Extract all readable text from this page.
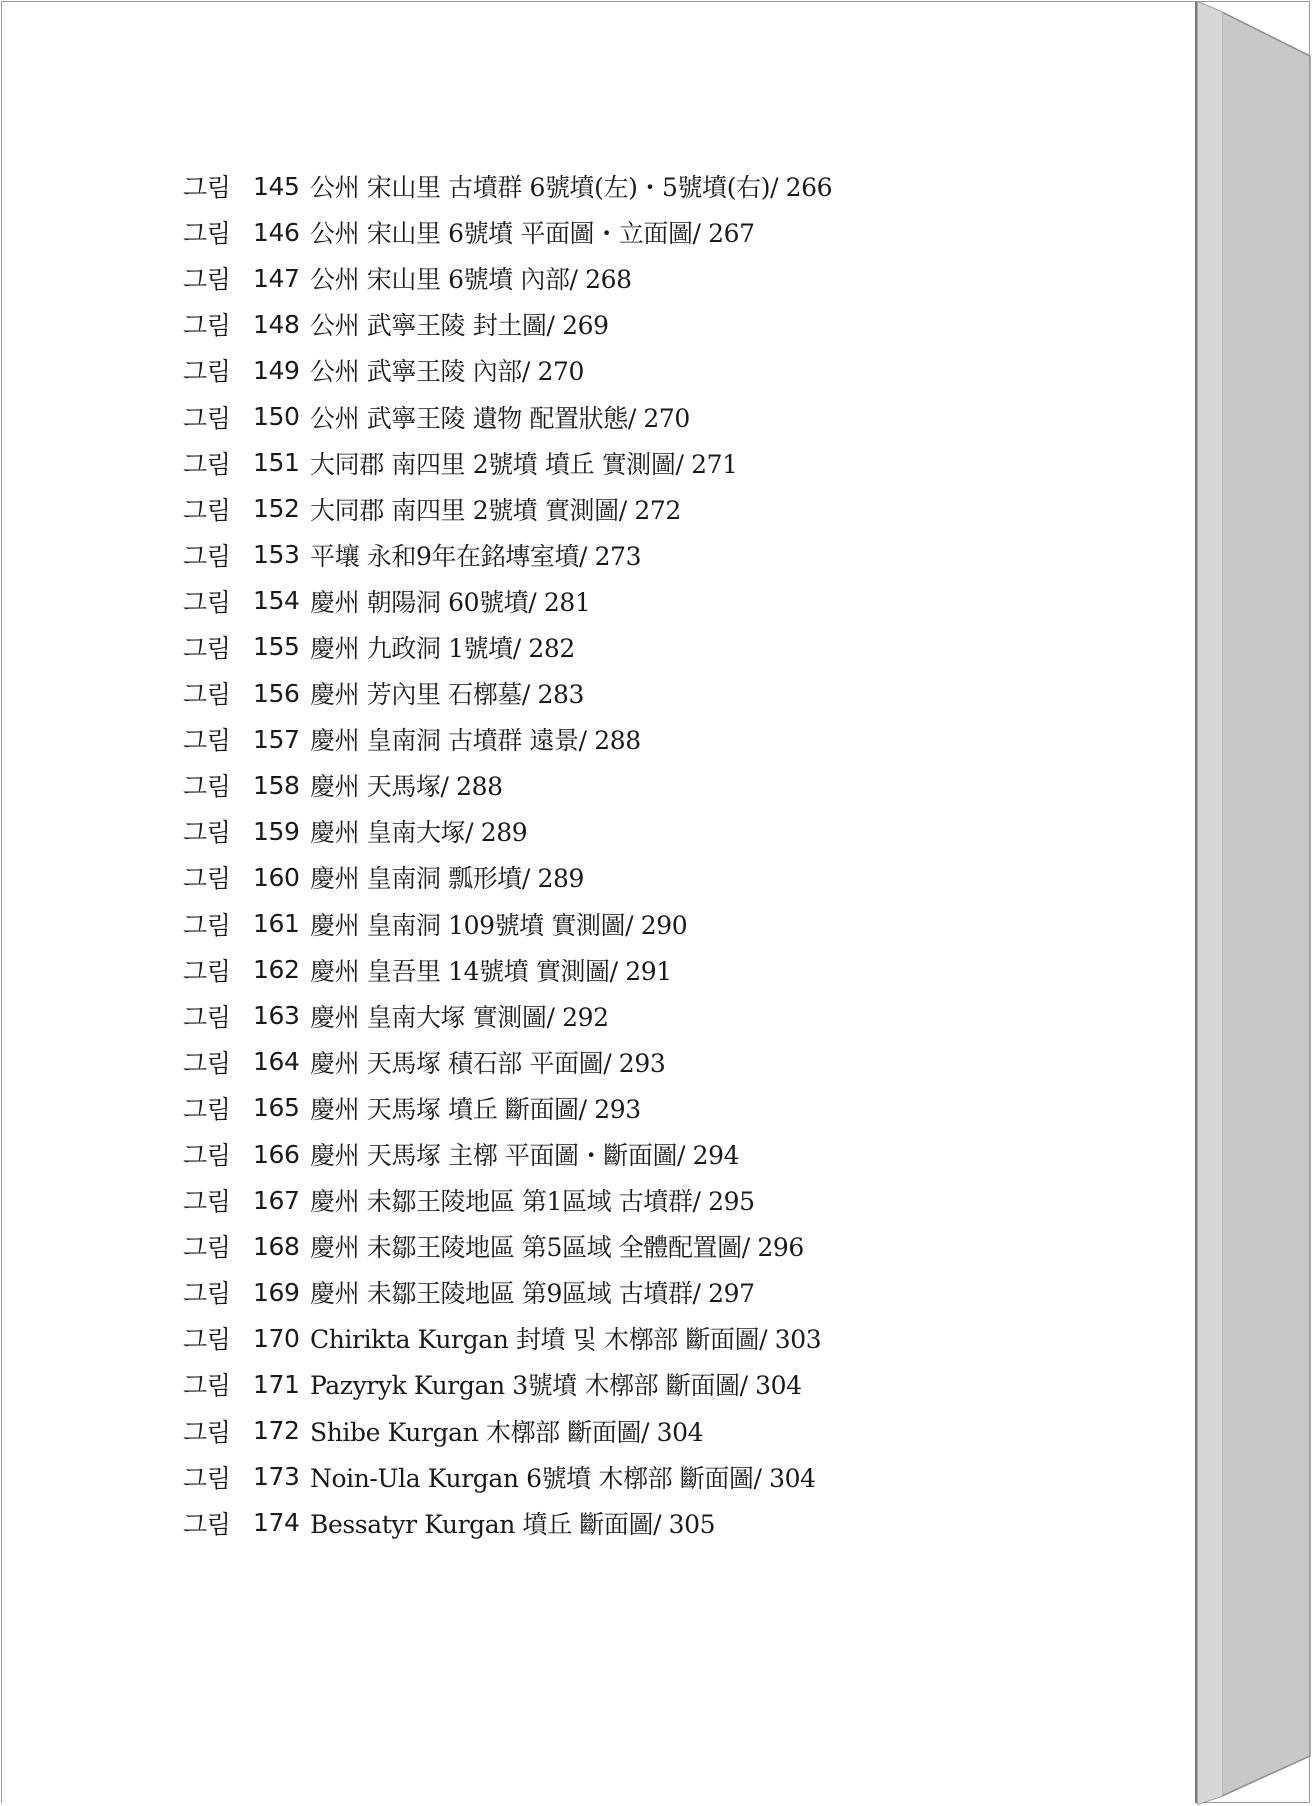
그림 145 公州 宋山里 古墳群 6號墳(左)・5號墳(右)/ 266
그림 146 公州 宋山里 6號墳 平面圖・立面圖/ 267
그림 147 公州 宋山里 6號墳 內部/ 268
그림 148 公州 武寧王陵 封土圖/ 269
그림 149 公州 武寧王陵 內部/ 270
그림 150 公州 武寧王陵 遺物 配置狀態/ 270
그림 151 大同郡 南四里 2號墳 墳丘 實測圖/ 271
그림 152 大同郡 南四里 2號墳 實測圖/ 272
그림 153 平壤 永和9年在銘塼室墳/ 273
그림 154 慶州 朝陽洞 60號墳/ 281
그림 155 慶州 九政洞 1號墳/ 282
그림 156 慶州 芳內里 石槨墓/ 283
그림 157 慶州 皇南洞 古墳群 遠景/ 288
그림 158 慶州 天馬塚/ 288
그림 159 慶州 皇南大塚/ 289
그림 160 慶州 皇南洞 瓢形墳/ 289
그림 161 慶州 皇南洞 109號墳 實測圖/ 290
그림 162 慶州 皇吾里 14號墳 實測圖/ 291
그림 163 慶州 皇南大塚 實測圖/ 292
그림 164 慶州 天馬塚 積石部 平面圖/ 293
그림 165 慶州 天馬塚 墳丘 斷面圖/ 293
그림 166 慶州 天馬塚 主槨 平面圖・斷面圖/ 294
그림 167 慶州 未鄒王陵地區 第1區域 古墳群/ 295
그림 168 慶州 未鄒王陵地區 第5區域 全體配置圖/ 296
그림 169 慶州 未鄒王陵地區 第9區域 古墳群/ 297
그림 170 Chirikta Kurgan 封墳 및 木槨部 斷面圖/ 303
그림 171 Pazyryk Kurgan 3號墳 木槨部 斷面圖/ 304
그림 172 Shibe Kurgan 木槨部 斷面圖/ 304
그림 173 Noin-Ula Kurgan 6號墳 木槨部 斷面圖/ 304
그림 174 Bessatyr Kurgan 墳丘 斷面圖/ 305
